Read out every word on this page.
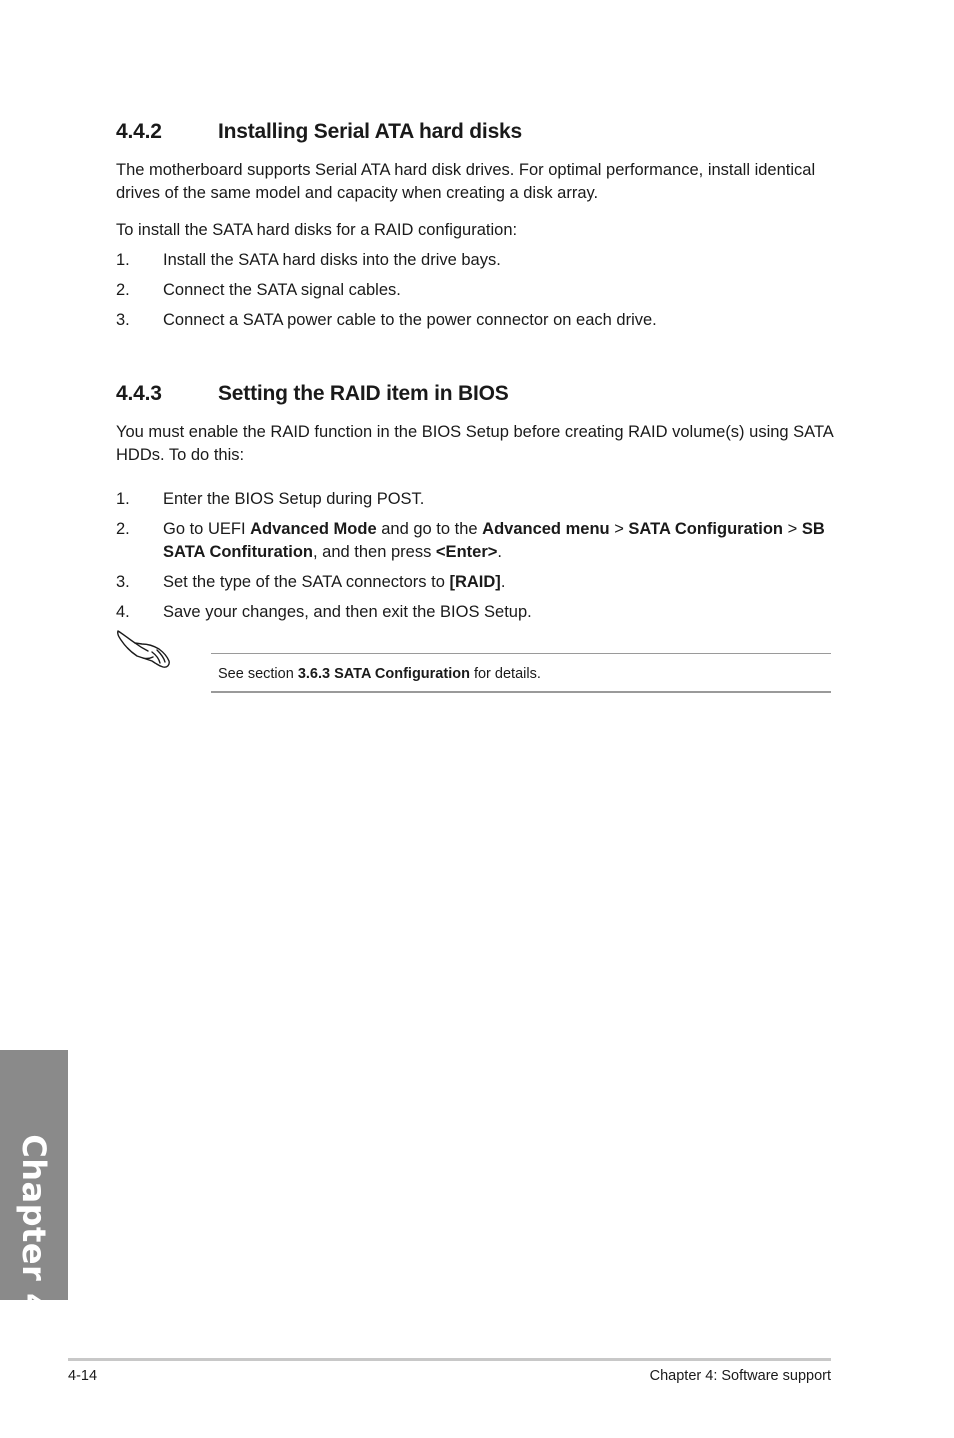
4.4.2	Installing Serial ATA hard disks

The motherboard supports Serial ATA hard disk drives. For optimal performance, install identical drives of the same model and capacity when creating a disk array.

To install the SATA hard disks for a RAID configuration:

1. Install the SATA hard disks into the drive bays.
2. Connect the SATA signal cables.
3. Connect a SATA power cable to the power connector on each drive.
4.4.3	Setting the RAID item in BIOS

You must enable the RAID function in the BIOS Setup before creating RAID volume(s) using SATA HDDs. To do this:

1. Enter the BIOS Setup during POST.
2. Go to UEFI Advanced Mode and go to the Advanced menu > SATA Configuration > SB SATA Confituration, and then press <Enter>.
3. Set the type of the SATA connectors to [RAID].
4. Save your changes, and then exit the BIOS Setup.
See section 3.6.3 SATA Configuration for details.
Chapter 4
4-14	Chapter 4: Software support
